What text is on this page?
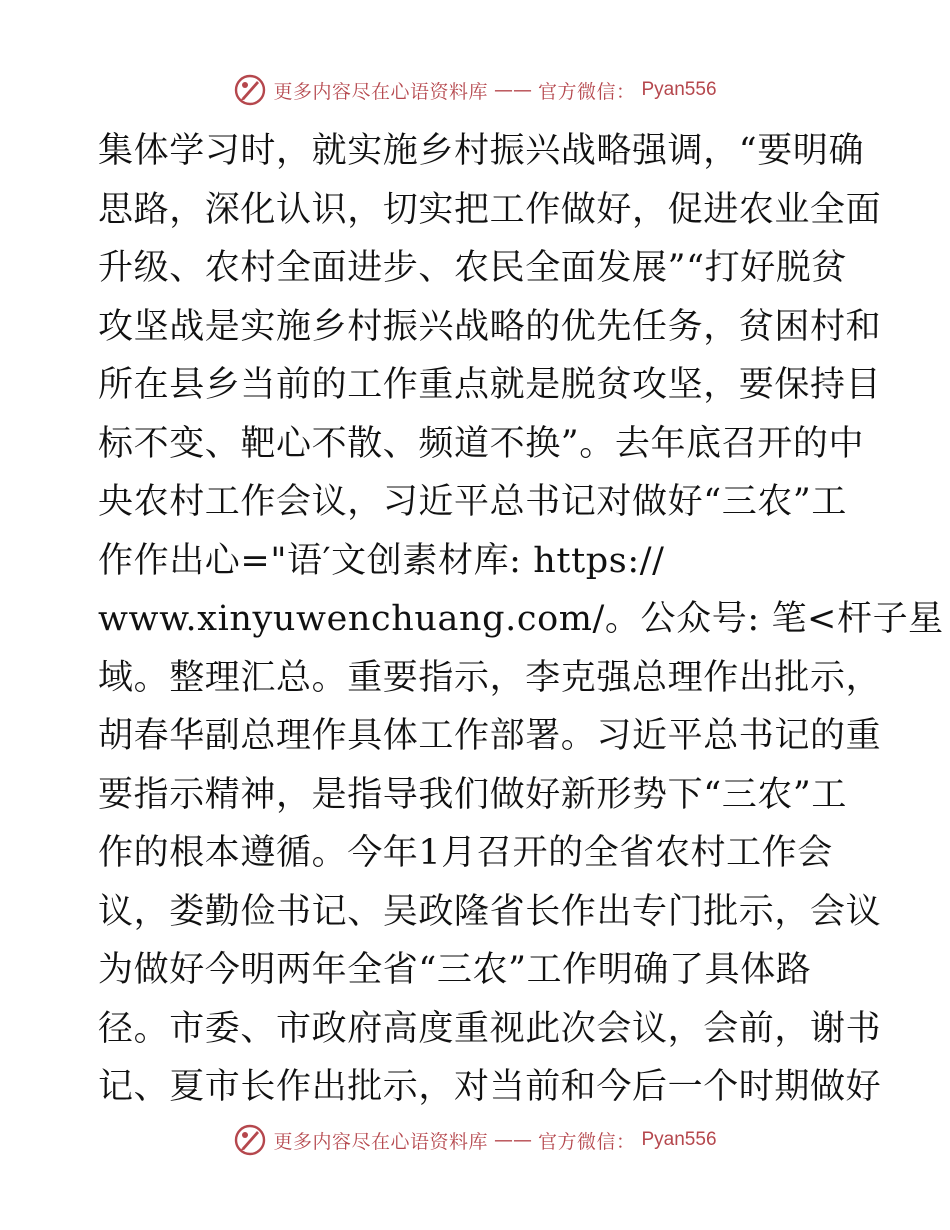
更多内容尽在心语资料库 —— 官方微信： Pyan556
集体学习时，就实施乡村振兴战略强调，“要明确
思路，深化认识，切实把工作做好，促进农业全面
升级、农村全面进步、农民全面发展”“打好脱贫
攻坚战是实施乡村振兴战略的优先任务，贫困村和
所在县乡当前的工作重点就是脱贫攻坚，要保持目
标不变、靶心不散、频道不换”。去年底召开的中
央农村工作会议，习近平总书记对做好“三农”工
作作出心="语′文创素材库: https://
www.xinyuwenchuang.com/。公众号: 笔<杆子星
域。整理汇总。重要指示，李克强总理作出批示，
胡春华副总理作具体工作部署。习近平总书记的重
要指示精神，是指导我们做好新形势下“三农”工
作的根本遵循。今年1月召开的全省农村工作会
议，娄勤俭书记、吴政隆省长作出专门批示，会议
为做好今明两年全省“三农”工作明确了具体路
径。市委、市政府高度重视此次会议，会前，谢书
记、夏市长作出批示，对当前和今后一个时期做好
更多内容尽在心语资料库 —— 官方微信： Pyan556
